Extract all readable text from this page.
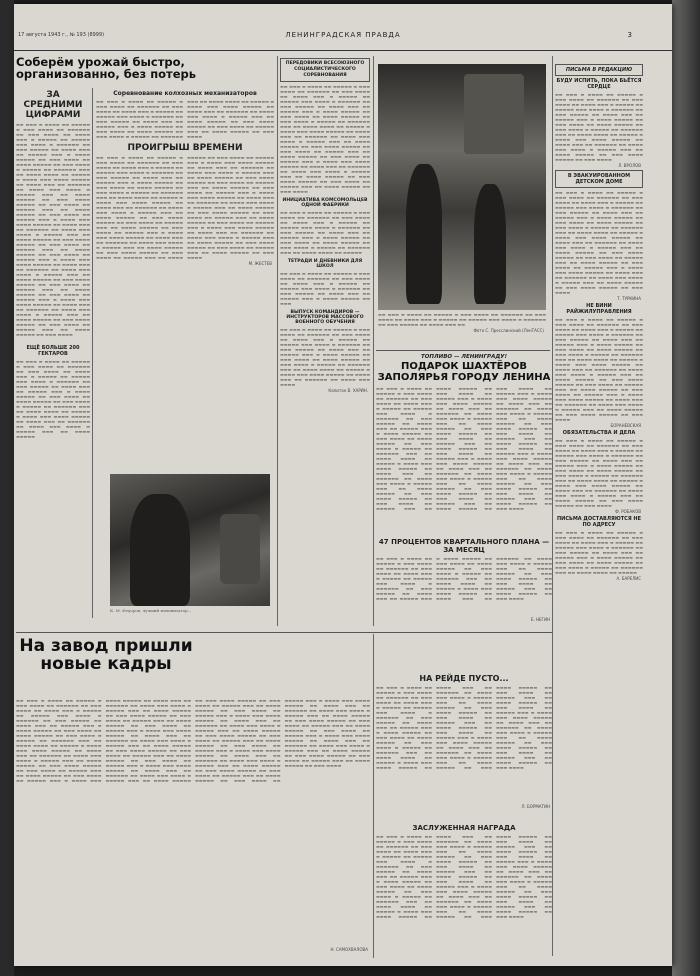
17 августа 1943 г., № 193 (8999)	ЛЕНИНГРАДСКАЯ ПРАВДА	3

Соберём урожай быстро, организованно, без потерь

ЗА СРЕДНИМИ ЦИФРАМИ

▬▬ ▬▬▬ ▬ ▬▬▬▬ ▬▬ ▬▬▬▬▬ ▬ ▬▬▬ ▬▬▬▬ ▬▬ ▬▬▬▬▬▬ ▬▬ ▬▬▬ ▬▬▬▬ ▬▬ ▬▬▬▬ ▬▬▬ ▬ ▬▬▬▬▬ ▬▬ ▬▬▬▬▬ ▬▬▬ ▬▬▬▬ ▬ ▬▬▬▬▬▬ ▬▬ ▬▬▬ ▬▬▬▬▬ ▬▬ ▬▬▬▬ ▬▬▬ ▬▬ ▬▬▬▬▬ ▬▬▬ ▬ ▬▬▬▬ ▬▬▬▬▬ ▬▬ ▬▬▬ ▬▬▬▬ ▬▬ ▬▬▬▬ ▬▬▬▬▬ ▬▬ ▬▬▬ ▬▬▬▬ ▬ ▬▬▬▬▬ ▬▬ ▬▬▬▬▬▬ ▬▬▬ ▬▬ ▬▬▬▬ ▬▬▬▬ ▬▬ ▬▬▬▬▬ ▬ ▬▬▬▬ ▬▬▬ ▬▬▬▬ ▬▬▬▬▬ ▬▬ ▬▬▬▬ ▬▬▬ ▬▬ ▬▬▬▬▬▬ ▬▬ ▬▬▬▬ ▬▬▬ ▬▬▬▬ ▬ ▬▬▬▬▬ ▬▬▬ ▬▬ ▬▬▬▬ ▬▬▬▬▬ ▬▬ ▬▬▬ ▬▬▬▬ ▬▬▬▬▬ ▬▬ ▬▬▬ ▬▬▬▬ ▬▬ ▬▬▬▬▬ ▬▬▬ ▬▬ ▬▬▬▬ ▬▬▬▬▬ ▬▬ ▬▬▬ ▬▬▬▬ ▬▬ ▬▬▬▬▬ ▬▬▬ ▬ ▬▬▬▬ ▬▬▬ ▬▬▬▬ ▬▬▬▬▬ ▬▬ ▬▬▬▬ ▬▬▬ ▬▬ ▬▬▬▬▬▬ ▬▬ ▬▬▬▬ ▬▬▬ ▬▬▬▬ ▬ ▬▬▬▬▬ ▬▬▬ ▬▬ ▬▬▬▬ ▬▬▬▬▬ ▬▬ ▬▬▬ ▬▬▬▬ ▬▬▬▬▬ ▬▬ ▬▬▬ ▬▬▬▬ ▬▬ ▬▬▬▬▬ ▬▬▬ ▬▬ ▬▬▬▬ ▬▬▬▬▬ ▬▬ ▬▬▬ ▬▬▬▬ ▬▬ ▬▬▬▬▬ ▬▬▬ ▬ ▬▬▬▬ ▬▬▬ ▬▬▬▬ ▬▬▬▬▬ ▬▬ ▬▬▬▬ ▬▬▬ ▬▬ ▬▬▬▬▬▬ ▬▬ ▬▬▬▬ ▬▬▬ ▬▬▬▬ ▬ ▬▬▬▬▬ ▬▬▬ ▬▬ ▬▬▬▬ ▬▬▬▬▬ ▬▬ ▬▬▬ ▬▬▬▬ ▬▬▬▬▬ ▬▬ ▬▬▬ ▬▬▬▬ ▬▬ ▬▬▬▬▬ ▬▬▬ ▬▬ ▬▬▬▬ ▬▬▬▬▬ ▬▬ ▬▬▬ ▬▬▬▬ ▬▬ ▬▬▬▬▬ ▬▬▬ ▬ ▬▬▬▬ ▬▬▬ ▬▬▬▬ ▬▬▬▬▬ ▬▬ ▬▬▬▬ ▬▬▬ ▬▬ ▬▬▬▬▬▬ ▬▬ ▬▬▬▬ ▬▬▬ ▬▬▬▬ ▬ ▬▬▬▬▬ ▬▬▬ ▬▬ ▬▬▬▬ ▬▬▬▬▬ ▬▬ ▬▬▬ ▬▬▬▬ ▬▬▬▬▬ ▬▬ ▬▬▬ ▬▬▬▬ ▬▬ ▬▬▬▬▬ ▬▬▬ ▬▬ ▬▬▬▬ ▬▬▬▬▬ ▬▬ ▬▬▬ ▬▬▬▬

ЕЩЁ БОЛЬШЕ 200 ГЕКТАРОВ

▬▬ ▬▬▬ ▬ ▬▬▬▬ ▬▬ ▬▬▬▬▬ ▬ ▬▬▬ ▬▬▬▬ ▬▬ ▬▬▬▬▬▬ ▬▬ ▬▬▬ ▬▬▬▬ ▬▬ ▬▬▬▬ ▬▬▬ ▬ ▬▬▬▬▬ ▬▬ ▬▬▬▬▬ ▬▬▬ ▬▬▬▬ ▬ ▬▬▬▬▬▬ ▬▬ ▬▬▬ ▬▬▬▬▬ ▬▬ ▬▬▬▬ ▬▬▬ ▬▬ ▬▬▬▬▬ ▬▬▬ ▬ ▬▬▬▬ ▬▬▬▬▬ ▬▬ ▬▬▬ ▬▬▬▬ ▬▬ ▬▬▬▬ ▬▬▬▬▬ ▬▬ ▬▬▬ ▬▬▬▬ ▬ ▬▬▬▬▬ ▬▬ ▬▬▬▬▬▬ ▬▬▬ ▬▬ ▬▬▬▬ ▬▬▬▬ ▬▬ ▬▬▬▬▬ ▬ ▬▬▬▬ ▬▬▬ ▬▬▬▬ ▬▬▬▬▬ ▬▬ ▬▬▬▬ ▬▬▬ ▬▬ ▬▬▬▬▬▬ ▬▬ ▬▬▬▬ ▬▬▬ ▬▬▬▬ ▬ ▬▬▬▬▬ ▬▬▬ ▬▬ ▬▬▬▬ ▬▬▬▬▬

Соревнование колхозных механизаторов

▬▬ ▬▬▬ ▬ ▬▬▬▬ ▬▬ ▬▬▬▬▬ ▬ ▬▬▬ ▬▬▬▬ ▬▬ ▬▬▬▬▬▬ ▬▬ ▬▬▬ ▬▬▬▬ ▬▬ ▬▬▬▬ ▬▬▬ ▬ ▬▬▬▬▬ ▬▬ ▬▬▬▬▬ ▬▬▬ ▬▬▬▬ ▬ ▬▬▬▬▬▬ ▬▬ ▬▬▬ ▬▬▬▬▬ ▬▬ ▬▬▬▬ ▬▬▬ ▬▬ ▬▬▬▬▬ ▬▬▬ ▬ ▬▬▬▬ ▬▬▬▬▬ ▬▬ ▬▬▬ ▬▬▬▬ ▬▬ ▬▬▬▬ ▬▬▬▬▬ ▬▬ ▬▬▬ ▬▬▬▬ ▬ ▬▬▬▬▬ ▬▬ ▬▬▬▬▬▬ ▬▬▬ ▬▬ ▬▬▬▬ ▬▬▬▬ ▬▬ ▬▬▬▬▬ ▬ ▬▬▬▬ ▬▬▬ ▬▬▬▬ ▬▬▬▬▬ ▬▬ ▬▬▬▬ ▬▬▬ ▬▬ ▬▬▬▬▬▬ ▬▬ ▬▬▬▬ ▬▬▬ ▬▬▬▬ ▬ ▬▬▬▬▬ ▬▬▬ ▬▬ ▬▬▬▬ ▬▬▬▬▬ ▬▬ ▬▬▬ ▬▬▬▬ ▬▬▬▬▬ ▬▬ ▬▬▬ ▬▬▬▬ ▬▬ ▬▬▬▬▬ ▬▬▬ ▬▬ ▬▬▬▬ ▬▬▬▬▬ ▬▬ ▬▬▬ ▬▬▬▬

ПРОИГРЫШ ВРЕМЕНИ

▬▬ ▬▬▬ ▬ ▬▬▬▬ ▬▬ ▬▬▬▬▬ ▬ ▬▬▬ ▬▬▬▬ ▬▬ ▬▬▬▬▬▬ ▬▬ ▬▬▬ ▬▬▬▬ ▬▬ ▬▬▬▬ ▬▬▬ ▬ ▬▬▬▬▬ ▬▬ ▬▬▬▬▬ ▬▬▬ ▬▬▬▬ ▬ ▬▬▬▬▬▬ ▬▬ ▬▬▬ ▬▬▬▬▬ ▬▬ ▬▬▬▬ ▬▬▬ ▬▬ ▬▬▬▬▬ ▬▬▬ ▬ ▬▬▬▬ ▬▬▬▬▬ ▬▬ ▬▬▬ ▬▬▬▬ ▬▬ ▬▬▬▬ ▬▬▬▬▬ ▬▬ ▬▬▬ ▬▬▬▬ ▬ ▬▬▬▬▬ ▬▬ ▬▬▬▬▬▬ ▬▬▬ ▬▬ ▬▬▬▬ ▬▬▬▬ ▬▬ ▬▬▬▬▬ ▬ ▬▬▬▬ ▬▬▬ ▬▬▬▬ ▬▬▬▬▬ ▬▬ ▬▬▬▬ ▬▬▬ ▬▬ ▬▬▬▬▬▬ ▬▬ ▬▬▬▬ ▬▬▬ ▬▬▬▬ ▬ ▬▬▬▬▬ ▬▬▬ ▬▬ ▬▬▬▬ ▬▬▬▬▬ ▬▬ ▬▬▬ ▬▬▬▬ ▬▬▬▬▬ ▬▬ ▬▬▬ ▬▬▬▬ ▬▬ ▬▬▬▬▬ ▬▬▬ ▬▬ ▬▬▬▬ ▬▬▬▬▬ ▬▬ ▬▬▬ ▬▬▬▬ ▬▬ ▬▬▬▬▬ ▬▬▬ ▬ ▬▬▬▬ ▬▬▬ ▬▬▬▬ ▬▬▬▬▬ ▬▬ ▬▬▬▬ ▬▬▬ ▬▬ ▬▬▬▬▬▬ ▬▬ ▬▬▬▬ ▬▬▬ ▬▬▬▬ ▬ ▬▬▬▬▬ ▬▬▬ ▬▬ ▬▬▬▬ ▬▬▬▬▬ ▬▬ ▬▬▬ ▬▬▬▬ ▬▬▬▬▬ ▬▬ ▬▬▬ ▬▬▬▬ ▬▬ ▬▬▬▬▬ ▬▬▬ ▬▬ ▬▬▬▬ ▬▬▬▬▬ ▬▬ ▬▬▬ ▬▬▬▬ ▬▬ ▬▬▬▬▬ ▬▬▬ ▬ ▬▬▬▬ ▬▬▬ ▬▬▬▬ ▬▬▬▬▬ ▬▬ ▬▬▬▬ ▬▬▬ ▬▬ ▬▬▬▬▬▬ ▬▬ ▬▬▬▬ ▬▬▬ ▬▬▬▬ ▬ ▬▬▬▬▬ ▬▬▬ ▬▬ ▬▬▬▬ ▬▬▬▬▬ ▬▬ ▬▬▬ ▬▬▬▬ ▬▬▬▬▬ ▬▬ ▬▬▬ ▬▬▬▬ ▬▬ ▬▬▬▬▬ ▬▬▬ ▬▬ ▬▬▬▬ ▬▬▬▬▬ ▬▬ ▬▬▬ ▬▬▬▬ ▬▬ ▬▬▬▬▬ ▬▬▬ ▬ ▬▬▬▬ ▬▬▬ ▬▬▬▬ ▬▬▬▬▬ ▬▬ ▬▬▬▬ ▬▬▬ ▬▬ ▬▬▬▬▬▬ ▬▬ ▬▬▬▬ ▬▬▬ ▬▬▬▬ ▬ ▬▬▬▬▬ ▬▬▬ ▬▬ ▬▬▬▬ ▬▬▬▬▬ ▬▬ ▬▬▬ ▬▬▬▬ ▬▬▬▬▬ ▬▬ ▬▬▬ ▬▬▬▬ ▬▬ ▬▬▬▬▬ ▬▬▬ ▬▬ ▬▬▬▬ ▬▬▬▬▬ ▬▬ ▬▬▬ ▬▬▬▬ ▬▬ ▬▬▬▬▬ ▬▬▬ ▬ ▬▬▬▬ ▬▬▬ ▬▬▬▬ ▬▬▬▬▬ ▬▬ ▬▬▬▬ ▬▬▬ ▬▬ ▬▬▬▬▬▬ ▬▬ ▬▬▬▬ ▬▬▬ ▬▬▬▬ ▬ ▬▬▬▬▬ ▬▬▬ ▬▬ ▬▬▬▬ ▬▬▬▬▬ ▬▬ ▬▬▬ ▬▬▬▬ ▬▬▬▬▬ ▬▬ ▬▬▬ ▬▬▬▬ ▬▬ ▬▬▬▬▬ ▬▬▬ ▬▬ ▬▬▬▬ ▬▬▬▬▬ ▬▬ ▬▬▬ ▬▬▬▬

М. ЖЕСТЕВ

К. М. Федоров, лучший механизатор...

ПЕРЕДОВИКИ ВСЕСОЮЗНОГО СОЦИАЛИСТИЧЕСКОГО СОРЕВНОВАНИЯ

▬▬ ▬▬▬ ▬ ▬▬▬▬ ▬▬ ▬▬▬▬▬ ▬ ▬▬▬ ▬▬▬▬ ▬▬ ▬▬▬▬▬▬ ▬▬ ▬▬▬ ▬▬▬▬ ▬▬ ▬▬▬▬ ▬▬▬ ▬ ▬▬▬▬▬ ▬▬ ▬▬▬▬▬ ▬▬▬ ▬▬▬▬ ▬ ▬▬▬▬▬▬ ▬▬ ▬▬▬ ▬▬▬▬▬ ▬▬ ▬▬▬▬ ▬▬▬ ▬▬ ▬▬▬▬▬ ▬▬▬ ▬ ▬▬▬▬ ▬▬▬▬▬ ▬▬ ▬▬▬ ▬▬▬▬ ▬▬ ▬▬▬▬ ▬▬▬▬▬ ▬▬ ▬▬▬ ▬▬▬▬ ▬ ▬▬▬▬▬ ▬▬ ▬▬▬▬▬▬ ▬▬▬ ▬▬ ▬▬▬▬ ▬▬▬▬ ▬▬ ▬▬▬▬▬ ▬ ▬▬▬▬ ▬▬▬ ▬▬▬▬ ▬▬▬▬▬ ▬▬ ▬▬▬▬ ▬▬▬ ▬▬ ▬▬▬▬▬▬ ▬▬ ▬▬▬▬ ▬▬▬ ▬▬▬▬ ▬ ▬▬▬▬▬ ▬▬▬ ▬▬ ▬▬▬▬ ▬▬▬▬▬ ▬▬ ▬▬▬ ▬▬▬▬ ▬▬▬▬▬ ▬▬ ▬▬▬ ▬▬▬▬ ▬▬ ▬▬▬▬▬ ▬▬▬ ▬▬ ▬▬▬▬ ▬▬▬▬▬ ▬▬ ▬▬▬ ▬▬▬▬ ▬▬ ▬▬▬▬▬ ▬▬▬ ▬ ▬▬▬▬ ▬▬▬ ▬▬▬▬ ▬▬▬▬▬ ▬▬ ▬▬▬▬ ▬▬▬ ▬▬ ▬▬▬▬▬▬ ▬▬ ▬▬▬▬ ▬▬▬ ▬▬▬▬ ▬ ▬▬▬▬▬ ▬▬▬ ▬▬ ▬▬▬▬ ▬▬▬▬▬ ▬▬ ▬▬▬ ▬▬▬▬ ▬▬▬▬▬ ▬▬ ▬▬▬ ▬▬▬▬ ▬▬ ▬▬▬▬▬ ▬▬▬ ▬▬ ▬▬▬▬ ▬▬▬▬▬ ▬▬ ▬▬▬ ▬▬▬▬

ИНИЦИАТИВА КОМСОМОЛЬЦЕВ ОДНОЙ ФАБРИКИ

▬▬ ▬▬▬ ▬ ▬▬▬▬ ▬▬ ▬▬▬▬▬ ▬ ▬▬▬ ▬▬▬▬ ▬▬ ▬▬▬▬▬▬ ▬▬ ▬▬▬ ▬▬▬▬ ▬▬ ▬▬▬▬ ▬▬▬ ▬ ▬▬▬▬▬ ▬▬ ▬▬▬▬▬ ▬▬▬ ▬▬▬▬ ▬ ▬▬▬▬▬▬ ▬▬ ▬▬▬ ▬▬▬▬▬ ▬▬ ▬▬▬▬ ▬▬▬ ▬▬ ▬▬▬▬▬ ▬▬▬ ▬ ▬▬▬▬ ▬▬▬▬▬ ▬▬ ▬▬▬ ▬▬▬▬ ▬▬ ▬▬▬▬ ▬▬▬▬▬ ▬▬ ▬▬▬ ▬▬▬▬ ▬ ▬▬▬▬▬ ▬▬ ▬▬▬▬▬▬ ▬▬▬ ▬▬ ▬▬▬▬ ▬▬▬▬ ▬▬ ▬▬▬▬▬

ТЕТРАДИ И ДНЕВНИКИ ДЛЯ ШКОЛ

▬▬ ▬▬▬ ▬ ▬▬▬▬ ▬▬ ▬▬▬▬▬ ▬ ▬▬▬ ▬▬▬▬ ▬▬ ▬▬▬▬▬▬ ▬▬ ▬▬▬ ▬▬▬▬ ▬▬ ▬▬▬▬ ▬▬▬ ▬ ▬▬▬▬▬ ▬▬ ▬▬▬▬▬ ▬▬▬ ▬▬▬▬ ▬ ▬▬▬▬▬▬ ▬▬ ▬▬▬ ▬▬▬▬▬ ▬▬ ▬▬▬▬ ▬▬▬ ▬▬ ▬▬▬▬▬ ▬▬▬ ▬ ▬▬▬▬ ▬▬▬▬▬ ▬▬ ▬▬▬

ВЫПУСК КОМАНДИРОВ — ИНСТРУКТОРОВ МАССОВОГО ВОЕННОГО ОБУЧЕНИЯ

▬▬ ▬▬▬ ▬ ▬▬▬▬ ▬▬ ▬▬▬▬▬ ▬ ▬▬▬ ▬▬▬▬ ▬▬ ▬▬▬▬▬▬ ▬▬ ▬▬▬ ▬▬▬▬ ▬▬ ▬▬▬▬ ▬▬▬ ▬ ▬▬▬▬▬ ▬▬ ▬▬▬▬▬ ▬▬▬ ▬▬▬▬ ▬ ▬▬▬▬▬▬ ▬▬ ▬▬▬ ▬▬▬▬▬ ▬▬ ▬▬▬▬ ▬▬▬ ▬▬ ▬▬▬▬▬ ▬▬▬ ▬ ▬▬▬▬ ▬▬▬▬▬ ▬▬ ▬▬▬ ▬▬▬▬ ▬▬ ▬▬▬▬ ▬▬▬▬▬ ▬▬ ▬▬▬ ▬▬▬▬ ▬ ▬▬▬▬▬ ▬▬ ▬▬▬▬▬▬ ▬▬▬ ▬▬ ▬▬▬▬ ▬▬▬▬ ▬▬ ▬▬▬▬▬ ▬ ▬▬▬▬ ▬▬▬ ▬▬▬▬ ▬▬▬▬▬ ▬▬ ▬▬▬▬ ▬▬▬ ▬▬ ▬▬▬▬▬▬ ▬▬ ▬▬▬▬ ▬▬▬ ▬▬▬▬

Капитан В. ХАРИН.

▬▬ ▬▬▬ ▬ ▬▬▬▬ ▬▬ ▬▬▬▬▬ ▬ ▬▬▬ ▬▬▬▬ ▬▬ ▬▬▬▬▬▬ ▬▬ ▬▬▬ ▬▬▬▬ ▬▬ ▬▬▬▬ ▬▬▬ ▬ ▬▬▬▬▬ ▬▬ ▬▬▬▬▬ ▬▬▬ ▬▬▬▬ ▬ ▬▬▬▬▬▬ ▬▬ ▬▬▬ ▬▬▬▬▬ ▬▬ ▬▬▬▬ ▬▬▬ ▬▬
Фото С. Пресслинский (ЛенТАСС)

ТОПЛИВО — ЛЕНИНГРАДУ!

ПОДАРОК ШАХТЁРОВ ЗАПОЛЯРЬЯ ГОРОДУ ЛЕНИНА

▬▬ ▬▬▬ ▬ ▬▬▬▬ ▬▬ ▬▬▬▬▬ ▬ ▬▬▬ ▬▬▬▬ ▬▬ ▬▬▬▬▬▬ ▬▬ ▬▬▬ ▬▬▬▬ ▬▬ ▬▬▬▬ ▬▬▬ ▬ ▬▬▬▬▬ ▬▬ ▬▬▬▬▬ ▬▬▬ ▬▬▬▬ ▬ ▬▬▬▬▬▬ ▬▬ ▬▬▬ ▬▬▬▬▬ ▬▬ ▬▬▬▬ ▬▬▬ ▬▬ ▬▬▬▬▬ ▬▬▬ ▬ ▬▬▬▬ ▬▬▬▬▬ ▬▬ ▬▬▬ ▬▬▬▬ ▬▬ ▬▬▬▬ ▬▬▬▬▬ ▬▬ ▬▬▬ ▬▬▬▬ ▬ ▬▬▬▬▬ ▬▬ ▬▬▬▬▬▬ ▬▬▬ ▬▬ ▬▬▬▬ ▬▬▬▬ ▬▬ ▬▬▬▬▬ ▬ ▬▬▬▬ ▬▬▬ ▬▬▬▬ ▬▬▬▬▬ ▬▬ ▬▬▬▬ ▬▬▬ ▬▬ ▬▬▬▬▬▬ ▬▬ ▬▬▬▬ ▬▬▬ ▬▬▬▬ ▬ ▬▬▬▬▬ ▬▬▬ ▬▬ ▬▬▬▬ ▬▬▬▬▬ ▬▬ ▬▬▬ ▬▬▬▬ ▬▬▬▬▬ ▬▬ ▬▬▬ ▬▬▬▬ ▬▬ ▬▬▬▬▬ ▬▬▬ ▬▬ ▬▬▬▬ ▬▬▬▬▬ ▬▬ ▬▬▬ ▬▬▬▬ ▬▬ ▬▬▬▬▬ ▬▬▬ ▬ ▬▬▬▬ ▬▬▬ ▬▬▬▬ ▬▬▬▬▬ ▬▬ ▬▬▬▬ ▬▬▬ ▬▬ ▬▬▬▬▬▬ ▬▬ ▬▬▬▬ ▬▬▬ ▬▬▬▬ ▬ ▬▬▬▬▬ ▬▬▬ ▬▬ ▬▬▬▬ ▬▬▬▬▬ ▬▬ ▬▬▬ ▬▬▬▬ ▬▬▬▬▬ ▬▬ ▬▬▬ ▬▬▬▬ ▬▬ ▬▬▬▬▬ ▬▬▬ ▬▬ ▬▬▬▬ ▬▬▬▬▬ ▬▬ ▬▬▬ ▬▬▬▬ ▬▬ ▬▬▬▬▬ ▬▬▬ ▬ ▬▬▬▬ ▬▬▬ ▬▬▬▬ ▬▬▬▬▬ ▬▬ ▬▬▬▬ ▬▬▬ ▬▬ ▬▬▬▬▬▬ ▬▬ ▬▬▬▬ ▬▬▬ ▬▬▬▬ ▬ ▬▬▬▬▬ ▬▬▬ ▬▬ ▬▬▬▬ ▬▬▬▬▬ ▬▬ ▬▬▬ ▬▬▬▬ ▬▬▬▬▬ ▬▬ ▬▬▬ ▬▬▬▬ ▬▬ ▬▬▬▬▬ ▬▬▬ ▬▬ ▬▬▬▬ ▬▬▬▬▬ ▬▬ ▬▬▬ ▬▬▬▬ ▬▬ ▬▬▬▬▬ ▬▬▬ ▬ ▬▬▬▬ ▬▬▬ ▬▬▬▬ ▬▬▬▬▬ ▬▬ ▬▬▬▬ ▬▬▬ ▬▬ ▬▬▬▬▬▬ ▬▬ ▬▬▬▬ ▬▬▬ ▬▬▬▬ ▬ ▬▬▬▬▬ ▬▬▬ ▬▬ ▬▬▬▬ ▬▬▬▬▬ ▬▬ ▬▬▬ ▬▬▬▬ ▬▬▬▬▬ ▬▬ ▬▬▬ ▬▬▬▬ ▬▬ ▬▬▬▬▬ ▬▬▬ ▬▬ ▬▬▬▬ ▬▬▬▬▬ ▬▬ ▬▬▬ ▬▬▬▬ ▬▬ ▬▬▬▬▬ ▬▬▬ ▬ ▬▬▬▬ ▬▬▬ ▬▬▬▬ ▬▬▬▬▬ ▬▬ ▬▬▬▬ ▬▬▬ ▬▬ ▬▬▬▬▬▬ ▬▬ ▬▬▬▬ ▬▬▬ ▬▬▬▬ ▬ ▬▬▬▬▬ ▬▬▬ ▬▬ ▬▬▬▬ ▬▬▬▬▬ ▬▬ ▬▬▬ ▬▬▬▬ ▬▬▬▬▬ ▬▬ ▬▬▬ ▬▬▬▬ ▬▬ ▬▬▬▬▬ ▬▬▬ ▬▬ ▬▬▬▬ ▬▬▬▬▬ ▬▬ ▬▬▬ ▬▬▬▬

47 ПРОЦЕНТОВ КВАРТАЛЬНОГО ПЛАНА — ЗА МЕСЯЦ

▬▬ ▬▬▬ ▬ ▬▬▬▬ ▬▬ ▬▬▬▬▬ ▬ ▬▬▬ ▬▬▬▬ ▬▬ ▬▬▬▬▬▬ ▬▬ ▬▬▬ ▬▬▬▬ ▬▬ ▬▬▬▬ ▬▬▬ ▬ ▬▬▬▬▬ ▬▬ ▬▬▬▬▬ ▬▬▬ ▬▬▬▬ ▬ ▬▬▬▬▬▬ ▬▬ ▬▬▬ ▬▬▬▬▬ ▬▬ ▬▬▬▬ ▬▬▬ ▬▬ ▬▬▬▬▬ ▬▬▬ ▬ ▬▬▬▬ ▬▬▬▬▬ ▬▬ ▬▬▬ ▬▬▬▬ ▬▬ ▬▬▬▬ ▬▬▬▬▬ ▬▬ ▬▬▬ ▬▬▬▬ ▬ ▬▬▬▬▬ ▬▬ ▬▬▬▬▬▬ ▬▬▬ ▬▬ ▬▬▬▬ ▬▬▬▬ ▬▬ ▬▬▬▬▬ ▬ ▬▬▬▬ ▬▬▬ ▬▬▬▬ ▬▬▬▬▬ ▬▬ ▬▬▬▬ ▬▬▬ ▬▬ ▬▬▬▬▬▬ ▬▬ ▬▬▬▬ ▬▬▬ ▬▬▬▬ ▬ ▬▬▬▬▬ ▬▬▬ ▬▬ ▬▬▬▬ ▬▬▬▬▬ ▬▬ ▬▬▬ ▬▬▬▬ ▬▬▬▬▬ ▬▬ ▬▬▬ ▬▬▬▬ ▬▬ ▬▬▬▬▬ ▬▬▬ ▬▬ ▬▬▬▬ ▬▬▬▬▬ ▬▬ ▬▬▬ ▬▬▬▬

Е. НЕГИН

ПИСЬМА В РЕДАКЦИЮ

БУДУ ИСПИТЬ, ПОКА БЬЁТСЯ СЕРДЦЕ

▬▬ ▬▬▬ ▬ ▬▬▬▬ ▬▬ ▬▬▬▬▬ ▬ ▬▬▬ ▬▬▬▬ ▬▬ ▬▬▬▬▬▬ ▬▬ ▬▬▬ ▬▬▬▬ ▬▬ ▬▬▬▬ ▬▬▬ ▬ ▬▬▬▬▬ ▬▬ ▬▬▬▬▬ ▬▬▬ ▬▬▬▬ ▬ ▬▬▬▬▬▬ ▬▬ ▬▬▬ ▬▬▬▬▬ ▬▬ ▬▬▬▬ ▬▬▬ ▬▬ ▬▬▬▬▬ ▬▬▬ ▬ ▬▬▬▬ ▬▬▬▬▬ ▬▬ ▬▬▬ ▬▬▬▬ ▬▬ ▬▬▬▬ ▬▬▬▬▬ ▬▬ ▬▬▬ ▬▬▬▬ ▬ ▬▬▬▬▬ ▬▬ ▬▬▬▬▬▬ ▬▬▬ ▬▬ ▬▬▬▬ ▬▬▬▬ ▬▬ ▬▬▬▬▬ ▬ ▬▬▬▬ ▬▬▬ ▬▬▬▬ ▬▬▬▬▬ ▬▬ ▬▬▬▬ ▬▬▬ ▬▬ ▬▬▬▬▬▬ ▬▬ ▬▬▬▬ ▬▬▬ ▬▬▬▬ ▬ ▬▬▬▬▬ ▬▬▬ ▬▬ ▬▬▬▬ ▬▬▬▬▬ ▬▬ ▬▬▬ ▬▬▬▬ ▬▬▬▬▬ ▬▬ ▬▬▬ ▬▬▬▬

Л. ВРОЛОВ

В ЭВАКУИРОВАННОМ ДЕТСКОМ ДОМЕ

▬▬ ▬▬▬ ▬ ▬▬▬▬ ▬▬ ▬▬▬▬▬ ▬ ▬▬▬ ▬▬▬▬ ▬▬ ▬▬▬▬▬▬ ▬▬ ▬▬▬ ▬▬▬▬ ▬▬ ▬▬▬▬ ▬▬▬ ▬ ▬▬▬▬▬ ▬▬ ▬▬▬▬▬ ▬▬▬ ▬▬▬▬ ▬ ▬▬▬▬▬▬ ▬▬ ▬▬▬ ▬▬▬▬▬ ▬▬ ▬▬▬▬ ▬▬▬ ▬▬ ▬▬▬▬▬ ▬▬▬ ▬ ▬▬▬▬ ▬▬▬▬▬ ▬▬ ▬▬▬ ▬▬▬▬ ▬▬ ▬▬▬▬ ▬▬▬▬▬ ▬▬ ▬▬▬ ▬▬▬▬ ▬ ▬▬▬▬▬ ▬▬ ▬▬▬▬▬▬ ▬▬▬ ▬▬ ▬▬▬▬ ▬▬▬▬ ▬▬ ▬▬▬▬▬ ▬ ▬▬▬▬ ▬▬▬ ▬▬▬▬ ▬▬▬▬▬ ▬▬ ▬▬▬▬ ▬▬▬ ▬▬ ▬▬▬▬▬▬ ▬▬ ▬▬▬▬ ▬▬▬ ▬▬▬▬ ▬ ▬▬▬▬▬ ▬▬▬ ▬▬ ▬▬▬▬ ▬▬▬▬▬ ▬▬ ▬▬▬ ▬▬▬▬ ▬▬▬▬▬ ▬▬ ▬▬▬ ▬▬▬▬ ▬▬ ▬▬▬▬▬ ▬▬▬ ▬▬ ▬▬▬▬ ▬▬▬▬▬ ▬▬ ▬▬▬ ▬▬▬▬ ▬▬ ▬▬▬▬▬ ▬▬▬ ▬ ▬▬▬▬ ▬▬▬ ▬▬▬▬ ▬▬▬▬▬ ▬▬ ▬▬▬▬ ▬▬▬ ▬▬ ▬▬▬▬▬▬ ▬▬ ▬▬▬▬ ▬▬▬ ▬▬▬▬ ▬ ▬▬▬▬▬ ▬▬▬ ▬▬ ▬▬▬▬ ▬▬▬▬▬ ▬▬ ▬▬▬ ▬▬▬▬ ▬▬▬▬▬ ▬▬ ▬▬▬ ▬▬▬▬

Т. ТУРКИНА

НЕ ВИНИ РАЙЖИЛУПРАВЛЕНИЯ

▬▬ ▬▬▬ ▬ ▬▬▬▬ ▬▬ ▬▬▬▬▬ ▬ ▬▬▬ ▬▬▬▬ ▬▬ ▬▬▬▬▬▬ ▬▬ ▬▬▬ ▬▬▬▬ ▬▬ ▬▬▬▬ ▬▬▬ ▬ ▬▬▬▬▬ ▬▬ ▬▬▬▬▬ ▬▬▬ ▬▬▬▬ ▬ ▬▬▬▬▬▬ ▬▬ ▬▬▬ ▬▬▬▬▬ ▬▬ ▬▬▬▬ ▬▬▬ ▬▬ ▬▬▬▬▬ ▬▬▬ ▬ ▬▬▬▬ ▬▬▬▬▬ ▬▬ ▬▬▬ ▬▬▬▬ ▬▬ ▬▬▬▬ ▬▬▬▬▬ ▬▬ ▬▬▬ ▬▬▬▬ ▬ ▬▬▬▬▬ ▬▬ ▬▬▬▬▬▬ ▬▬▬ ▬▬ ▬▬▬▬ ▬▬▬▬ ▬▬ ▬▬▬▬▬ ▬ ▬▬▬▬ ▬▬▬ ▬▬▬▬ ▬▬▬▬▬ ▬▬ ▬▬▬▬ ▬▬▬ ▬▬ ▬▬▬▬▬▬ ▬▬ ▬▬▬▬ ▬▬▬ ▬▬▬▬ ▬ ▬▬▬▬▬ ▬▬▬ ▬▬ ▬▬▬▬ ▬▬▬▬▬ ▬▬ ▬▬▬ ▬▬▬▬ ▬▬▬▬▬ ▬▬ ▬▬▬ ▬▬▬▬ ▬▬ ▬▬▬▬▬ ▬▬▬ ▬▬ ▬▬▬▬ ▬▬▬▬▬ ▬▬ ▬▬▬ ▬▬▬▬ ▬▬ ▬▬▬▬▬ ▬▬▬ ▬ ▬▬▬▬ ▬▬▬ ▬▬▬▬ ▬▬▬▬▬ ▬▬ ▬▬▬▬ ▬▬▬ ▬▬ ▬▬▬▬▬▬ ▬▬ ▬▬▬▬ ▬▬▬ ▬▬▬▬ ▬ ▬▬▬▬▬ ▬▬▬ ▬▬ ▬▬▬▬ ▬▬▬▬▬ ▬▬ ▬▬▬ ▬▬▬▬ ▬▬▬▬▬ ▬▬ ▬▬▬ ▬▬▬▬

БОРАНЕВСКАЯ

ОБЯЗАТЕЛЬСТВА И ДЕЛА

▬▬ ▬▬▬ ▬ ▬▬▬▬ ▬▬ ▬▬▬▬▬ ▬ ▬▬▬ ▬▬▬▬ ▬▬ ▬▬▬▬▬▬ ▬▬ ▬▬▬ ▬▬▬▬ ▬▬ ▬▬▬▬ ▬▬▬ ▬ ▬▬▬▬▬ ▬▬ ▬▬▬▬▬ ▬▬▬ ▬▬▬▬ ▬ ▬▬▬▬▬▬ ▬▬ ▬▬▬ ▬▬▬▬▬ ▬▬ ▬▬▬▬ ▬▬▬ ▬▬ ▬▬▬▬▬ ▬▬▬ ▬ ▬▬▬▬ ▬▬▬▬▬ ▬▬ ▬▬▬ ▬▬▬▬ ▬▬ ▬▬▬▬ ▬▬▬▬▬ ▬▬ ▬▬▬ ▬▬▬▬ ▬ ▬▬▬▬▬ ▬▬ ▬▬▬▬▬▬ ▬▬▬ ▬▬ ▬▬▬▬ ▬▬▬▬ ▬▬ ▬▬▬▬▬ ▬ ▬▬▬▬ ▬▬▬ ▬▬▬▬ ▬▬▬▬▬ ▬▬ ▬▬▬▬ ▬▬▬ ▬▬ ▬▬▬▬▬▬ ▬▬ ▬▬▬▬ ▬▬▬ ▬▬▬▬ ▬ ▬▬▬▬▬ ▬▬▬ ▬▬ ▬▬▬▬ ▬▬▬▬▬ ▬▬ ▬▬▬ ▬▬▬▬ ▬▬▬▬▬ ▬▬ ▬▬▬ ▬▬▬▬

Ф. РОБАКОВ

ПИСЬМА ДОСТАВЛЯЮТСЯ НЕ ПО АДРЕСУ

▬▬ ▬▬▬ ▬ ▬▬▬▬ ▬▬ ▬▬▬▬▬ ▬ ▬▬▬ ▬▬▬▬ ▬▬ ▬▬▬▬▬▬ ▬▬ ▬▬▬ ▬▬▬▬ ▬▬ ▬▬▬▬ ▬▬▬ ▬ ▬▬▬▬▬ ▬▬ ▬▬▬▬▬ ▬▬▬ ▬▬▬▬ ▬ ▬▬▬▬▬▬ ▬▬ ▬▬▬ ▬▬▬▬▬ ▬▬ ▬▬▬▬ ▬▬▬ ▬▬ ▬▬▬▬▬ ▬▬▬ ▬ ▬▬▬▬ ▬▬▬▬▬ ▬▬ ▬▬▬ ▬▬▬▬ ▬▬ ▬▬▬▬ ▬▬▬▬▬ ▬▬ ▬▬▬ ▬▬▬▬ ▬ ▬▬▬▬▬ ▬▬ ▬▬▬▬▬▬ ▬▬▬ ▬▬ ▬▬▬▬ ▬▬▬▬ ▬▬ ▬▬▬▬▬

А. БАРЕЛИС

На завод пришли новые кадры

▬▬ ▬▬▬ ▬ ▬▬▬▬ ▬▬ ▬▬▬▬▬ ▬ ▬▬▬ ▬▬▬▬ ▬▬ ▬▬▬▬▬▬ ▬▬ ▬▬▬ ▬▬▬▬ ▬▬ ▬▬▬▬ ▬▬▬ ▬ ▬▬▬▬▬ ▬▬ ▬▬▬▬▬ ▬▬▬ ▬▬▬▬ ▬ ▬▬▬▬▬▬ ▬▬ ▬▬▬ ▬▬▬▬▬ ▬▬ ▬▬▬▬ ▬▬▬ ▬▬ ▬▬▬▬▬ ▬▬▬ ▬ ▬▬▬▬ ▬▬▬▬▬ ▬▬ ▬▬▬ ▬▬▬▬ ▬▬ ▬▬▬▬ ▬▬▬▬▬ ▬▬ ▬▬▬ ▬▬▬▬ ▬ ▬▬▬▬▬ ▬▬ ▬▬▬▬▬▬ ▬▬▬ ▬▬ ▬▬▬▬ ▬▬▬▬ ▬▬ ▬▬▬▬▬ ▬ ▬▬▬▬ ▬▬▬ ▬▬▬▬ ▬▬▬▬▬ ▬▬ ▬▬▬▬ ▬▬▬ ▬▬ ▬▬▬▬▬▬ ▬▬ ▬▬▬▬ ▬▬▬ ▬▬▬▬ ▬ ▬▬▬▬▬ ▬▬▬ ▬▬ ▬▬▬▬ ▬▬▬▬▬ ▬▬ ▬▬▬ ▬▬▬▬ ▬▬▬▬▬ ▬▬ ▬▬▬ ▬▬▬▬ ▬▬ ▬▬▬▬▬ ▬▬▬ ▬▬ ▬▬▬▬ ▬▬▬▬▬ ▬▬ ▬▬▬ ▬▬▬▬ ▬▬ ▬▬▬▬▬ ▬▬▬ ▬ ▬▬▬▬ ▬▬▬ ▬▬▬▬ ▬▬▬▬▬ ▬▬ ▬▬▬▬ ▬▬▬ ▬▬ ▬▬▬▬▬▬ ▬▬ ▬▬▬▬ ▬▬▬ ▬▬▬▬ ▬ ▬▬▬▬▬ ▬▬▬ ▬▬ ▬▬▬▬ ▬▬▬▬▬ ▬▬ ▬▬▬ ▬▬▬▬ ▬▬▬▬▬ ▬▬ ▬▬▬ ▬▬▬▬ ▬▬ ▬▬▬▬▬ ▬▬▬ ▬▬ ▬▬▬▬ ▬▬▬▬▬ ▬▬ ▬▬▬ ▬▬▬▬ ▬▬ ▬▬▬▬▬ ▬▬▬ ▬ ▬▬▬▬ ▬▬▬ ▬▬▬▬ ▬▬▬▬▬ ▬▬ ▬▬▬▬ ▬▬▬ ▬▬ ▬▬▬▬▬▬ ▬▬ ▬▬▬▬ ▬▬▬ ▬▬▬▬ ▬ ▬▬▬▬▬ ▬▬▬ ▬▬ ▬▬▬▬ ▬▬▬▬▬ ▬▬ ▬▬▬ ▬▬▬▬ ▬▬▬▬▬ ▬▬ ▬▬▬ ▬▬▬▬ ▬▬ ▬▬▬▬▬ ▬▬▬ ▬▬ ▬▬▬▬ ▬▬▬▬▬ ▬▬ ▬▬▬ ▬▬▬▬ ▬▬ ▬▬▬▬▬ ▬▬▬ ▬ ▬▬▬▬ ▬▬▬ ▬▬▬▬ ▬▬▬▬▬ ▬▬ ▬▬▬▬ ▬▬▬ ▬▬ ▬▬▬▬▬▬ ▬▬ ▬▬▬▬ ▬▬▬ ▬▬▬▬ ▬ ▬▬▬▬▬ ▬▬▬ ▬▬ ▬▬▬▬ ▬▬▬▬▬ ▬▬ ▬▬▬ ▬▬▬▬ ▬▬▬▬▬ ▬▬ ▬▬▬ ▬▬▬▬ ▬▬ ▬▬▬▬▬ ▬▬▬ ▬▬ ▬▬▬▬ ▬▬▬▬▬ ▬▬ ▬▬▬ ▬▬▬▬ ▬▬ ▬▬▬▬▬ ▬▬▬ ▬ ▬▬▬▬ ▬▬▬ ▬▬▬▬ ▬▬▬▬▬ ▬▬ ▬▬▬▬ ▬▬▬ ▬▬ ▬▬▬▬▬▬ ▬▬ ▬▬▬▬ ▬▬▬ ▬▬▬▬ ▬ ▬▬▬▬▬ ▬▬▬ ▬▬ ▬▬▬▬ ▬▬▬▬▬ ▬▬ ▬▬▬ ▬▬▬▬ ▬▬▬▬▬ ▬▬ ▬▬▬ ▬▬▬▬ ▬▬ ▬▬▬▬▬ ▬▬▬ ▬▬ ▬▬▬▬ ▬▬▬▬▬ ▬▬ ▬▬▬ ▬▬▬▬ ▬▬ ▬▬▬▬▬ ▬▬▬ ▬ ▬▬▬▬ ▬▬▬ ▬▬▬▬ ▬▬▬▬▬ ▬▬ ▬▬▬▬ ▬▬▬ ▬▬ ▬▬▬▬▬▬ ▬▬ ▬▬▬▬ ▬▬▬ ▬▬▬▬ ▬ ▬▬▬▬▬ ▬▬▬ ▬▬ ▬▬▬▬ ▬▬▬▬▬ ▬▬ ▬▬▬ ▬▬▬▬ ▬▬▬▬▬ ▬▬ ▬▬▬ ▬▬▬▬ ▬▬ ▬▬▬▬▬ ▬▬▬ ▬▬ ▬▬▬▬ ▬▬▬▬▬ ▬▬ ▬▬▬ ▬▬▬▬ ▬▬ ▬▬▬▬▬ ▬▬▬ ▬ ▬▬▬▬ ▬▬▬ ▬▬▬▬ ▬▬▬▬▬ ▬▬ ▬▬▬▬ ▬▬▬ ▬▬ ▬▬▬▬▬▬ ▬▬ ▬▬▬▬ ▬▬▬ ▬▬▬▬ ▬ ▬▬▬▬▬ ▬▬▬ ▬▬ ▬▬▬▬ ▬▬▬▬▬ ▬▬ ▬▬▬ ▬▬▬▬ ▬▬▬▬▬ ▬▬ ▬▬▬ ▬▬▬▬ ▬▬ ▬▬▬▬▬ ▬▬▬ ▬▬ ▬▬▬▬ ▬▬▬▬▬ ▬▬ ▬▬▬ ▬▬▬▬ ▬▬ ▬▬▬▬▬ ▬▬▬ ▬ ▬▬▬▬ ▬▬▬ ▬▬▬▬ ▬▬▬▬▬ ▬▬ ▬▬▬▬ ▬▬▬ ▬▬ ▬▬▬▬▬▬ ▬▬ ▬▬▬▬ ▬▬▬ ▬▬▬▬ ▬ ▬▬▬▬▬ ▬▬▬ ▬▬ ▬▬▬▬ ▬▬▬▬▬ ▬▬ ▬▬▬ ▬▬▬▬ ▬▬▬▬▬ ▬▬ ▬▬▬ ▬▬▬▬ ▬▬ ▬▬▬▬▬ ▬▬▬ ▬▬ ▬▬▬▬ ▬▬▬▬▬ ▬▬ ▬▬▬ ▬▬▬▬

Н. САМОХВАЛОВА

НА РЕЙДЕ ПУСТО...

▬▬ ▬▬▬ ▬ ▬▬▬▬ ▬▬ ▬▬▬▬▬ ▬ ▬▬▬ ▬▬▬▬ ▬▬ ▬▬▬▬▬▬ ▬▬ ▬▬▬ ▬▬▬▬ ▬▬ ▬▬▬▬ ▬▬▬ ▬ ▬▬▬▬▬ ▬▬ ▬▬▬▬▬ ▬▬▬ ▬▬▬▬ ▬ ▬▬▬▬▬▬ ▬▬ ▬▬▬ ▬▬▬▬▬ ▬▬ ▬▬▬▬ ▬▬▬ ▬▬ ▬▬▬▬▬ ▬▬▬ ▬ ▬▬▬▬ ▬▬▬▬▬ ▬▬ ▬▬▬ ▬▬▬▬ ▬▬ ▬▬▬▬ ▬▬▬▬▬ ▬▬ ▬▬▬ ▬▬▬▬ ▬ ▬▬▬▬▬ ▬▬ ▬▬▬▬▬▬ ▬▬▬ ▬▬ ▬▬▬▬ ▬▬▬▬ ▬▬ ▬▬▬▬▬ ▬ ▬▬▬▬ ▬▬▬ ▬▬▬▬ ▬▬▬▬▬ ▬▬ ▬▬▬▬ ▬▬▬ ▬▬ ▬▬▬▬▬▬ ▬▬ ▬▬▬▬ ▬▬▬ ▬▬▬▬ ▬ ▬▬▬▬▬ ▬▬▬ ▬▬ ▬▬▬▬ ▬▬▬▬▬ ▬▬ ▬▬▬ ▬▬▬▬ ▬▬▬▬▬ ▬▬ ▬▬▬ ▬▬▬▬ ▬▬ ▬▬▬▬▬ ▬▬▬ ▬▬ ▬▬▬▬ ▬▬▬▬▬ ▬▬ ▬▬▬ ▬▬▬▬ ▬▬ ▬▬▬▬▬ ▬▬▬ ▬ ▬▬▬▬ ▬▬▬ ▬▬▬▬ ▬▬▬▬▬ ▬▬ ▬▬▬▬ ▬▬▬ ▬▬ ▬▬▬▬▬▬ ▬▬ ▬▬▬▬ ▬▬▬ ▬▬▬▬ ▬ ▬▬▬▬▬ ▬▬▬ ▬▬ ▬▬▬▬ ▬▬▬▬▬ ▬▬ ▬▬▬ ▬▬▬▬ ▬▬▬▬▬ ▬▬ ▬▬▬ ▬▬▬▬ ▬▬ ▬▬▬▬▬ ▬▬▬ ▬▬ ▬▬▬▬ ▬▬▬▬▬ ▬▬ ▬▬▬ ▬▬▬▬ ▬▬ ▬▬▬▬▬ ▬▬▬ ▬ ▬▬▬▬ ▬▬▬ ▬▬▬▬ ▬▬▬▬▬ ▬▬ ▬▬▬▬ ▬▬▬ ▬▬ ▬▬▬▬▬▬ ▬▬ ▬▬▬▬ ▬▬▬ ▬▬▬▬ ▬ ▬▬▬▬▬ ▬▬▬ ▬▬ ▬▬▬▬ ▬▬▬▬▬ ▬▬ ▬▬▬ ▬▬▬▬ ▬▬▬▬▬ ▬▬ ▬▬▬ ▬▬▬▬ ▬▬ ▬▬▬▬▬ ▬▬▬ ▬▬ ▬▬▬▬ ▬▬▬▬▬ ▬▬ ▬▬▬ ▬▬▬▬

Л. БОРМАТИН

ЗАСЛУЖЕННАЯ НАГРАДА

▬▬ ▬▬▬ ▬ ▬▬▬▬ ▬▬ ▬▬▬▬▬ ▬ ▬▬▬ ▬▬▬▬ ▬▬ ▬▬▬▬▬▬ ▬▬ ▬▬▬ ▬▬▬▬ ▬▬ ▬▬▬▬ ▬▬▬ ▬ ▬▬▬▬▬ ▬▬ ▬▬▬▬▬ ▬▬▬ ▬▬▬▬ ▬ ▬▬▬▬▬▬ ▬▬ ▬▬▬ ▬▬▬▬▬ ▬▬ ▬▬▬▬ ▬▬▬ ▬▬ ▬▬▬▬▬ ▬▬▬ ▬ ▬▬▬▬ ▬▬▬▬▬ ▬▬ ▬▬▬ ▬▬▬▬ ▬▬ ▬▬▬▬ ▬▬▬▬▬ ▬▬ ▬▬▬ ▬▬▬▬ ▬ ▬▬▬▬▬ ▬▬ ▬▬▬▬▬▬ ▬▬▬ ▬▬ ▬▬▬▬ ▬▬▬▬ ▬▬ ▬▬▬▬▬ ▬ ▬▬▬▬ ▬▬▬ ▬▬▬▬ ▬▬▬▬▬ ▬▬ ▬▬▬▬ ▬▬▬ ▬▬ ▬▬▬▬▬▬ ▬▬ ▬▬▬▬ ▬▬▬ ▬▬▬▬ ▬ ▬▬▬▬▬ ▬▬▬ ▬▬ ▬▬▬▬ ▬▬▬▬▬ ▬▬ ▬▬▬ ▬▬▬▬ ▬▬▬▬▬ ▬▬ ▬▬▬ ▬▬▬▬ ▬▬ ▬▬▬▬▬ ▬▬▬ ▬▬ ▬▬▬▬ ▬▬▬▬▬ ▬▬ ▬▬▬ ▬▬▬▬ ▬▬ ▬▬▬▬▬ ▬▬▬ ▬ ▬▬▬▬ ▬▬▬ ▬▬▬▬ ▬▬▬▬▬ ▬▬ ▬▬▬▬ ▬▬▬ ▬▬ ▬▬▬▬▬▬ ▬▬ ▬▬▬▬ ▬▬▬ ▬▬▬▬ ▬ ▬▬▬▬▬ ▬▬▬ ▬▬ ▬▬▬▬ ▬▬▬▬▬ ▬▬ ▬▬▬ ▬▬▬▬ ▬▬▬▬▬ ▬▬ ▬▬▬ ▬▬▬▬ ▬▬ ▬▬▬▬▬ ▬▬▬ ▬▬ ▬▬▬▬ ▬▬▬▬▬ ▬▬ ▬▬▬ ▬▬▬▬ ▬▬ ▬▬▬▬▬ ▬▬▬ ▬ ▬▬▬▬ ▬▬▬ ▬▬▬▬ ▬▬▬▬▬ ▬▬ ▬▬▬▬ ▬▬▬ ▬▬ ▬▬▬▬▬▬ ▬▬ ▬▬▬▬ ▬▬▬ ▬▬▬▬ ▬ ▬▬▬▬▬ ▬▬▬ ▬▬ ▬▬▬▬ ▬▬▬▬▬ ▬▬ ▬▬▬ ▬▬▬▬ ▬▬▬▬▬ ▬▬ ▬▬▬ ▬▬▬▬ ▬▬ ▬▬▬▬▬ ▬▬▬ ▬▬ ▬▬▬▬ ▬▬▬▬▬ ▬▬ ▬▬▬ ▬▬▬▬
